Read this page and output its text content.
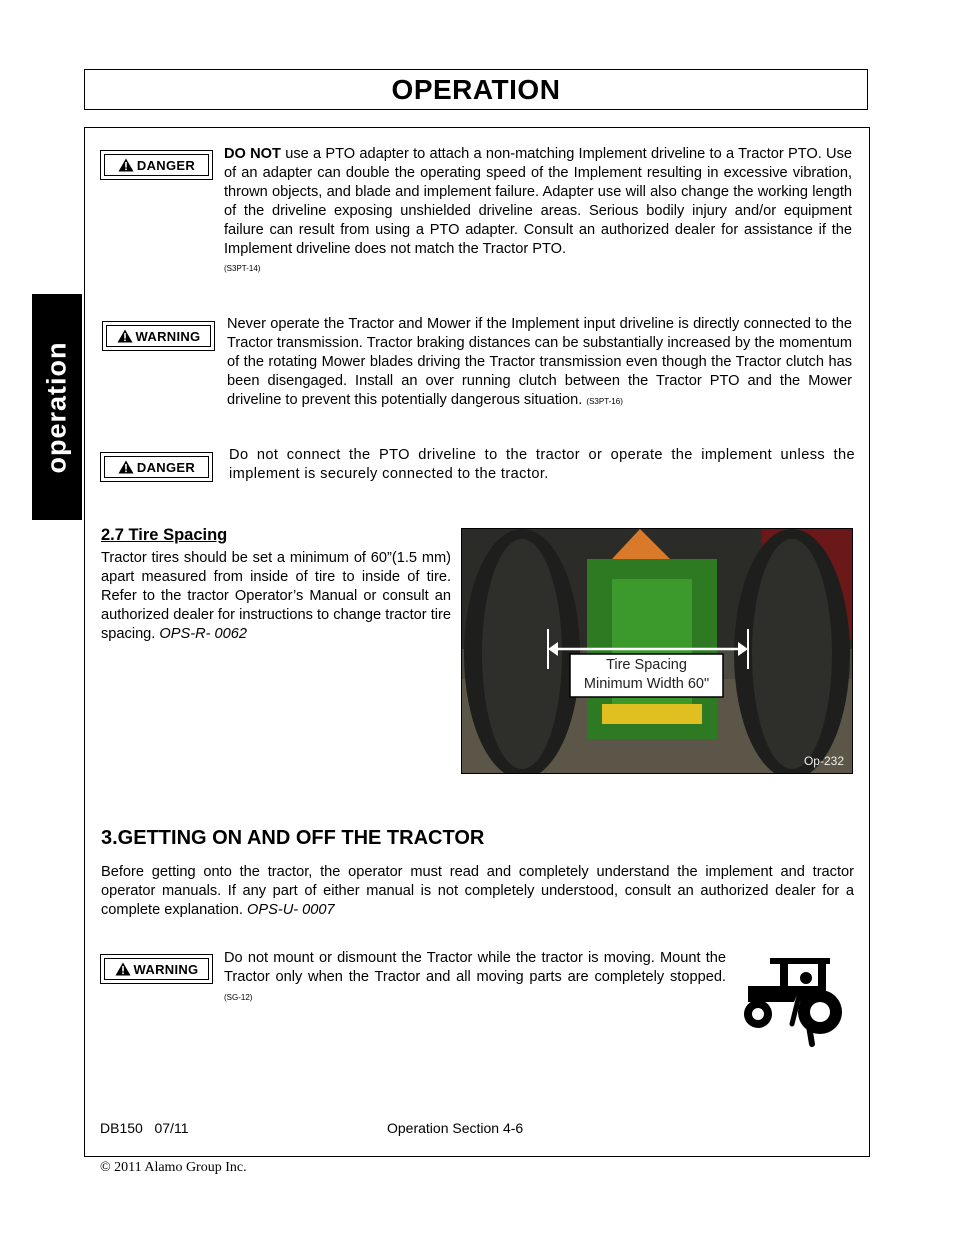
OPERATION
operation
DANGER
DO NOT use a PTO adapter to attach a non-matching Implement driveline to a Tractor PTO. Use of an adapter can double the operating speed of the Implement resulting in excessive vibration, thrown objects, and blade and implement failure. Adapter use will also change the working length of the driveline exposing unshielded driveline areas. Serious bodily injury and/or equipment failure can result from using a PTO adapter. Consult an authorized dealer for assistance if the Implement driveline does not match the Tractor PTO.
(S3PT-14)
WARNING
Never operate the Tractor and Mower if the Implement input driveline is directly connected to the Tractor transmission. Tractor braking distances can be substantially increased by the momentum of the rotating Mower blades driving the Tractor transmission even though the Tractor clutch has been disengaged. Install an over running clutch between the Tractor PTO and the Mower driveline to prevent this potentially dangerous situation. (S3PT-16)
DANGER
Do not connect the PTO driveline to the tractor or operate the implement unless the implement is securely connected to the tractor.
2.7 Tire Spacing
Tractor tires should be set a minimum of 60”(1.5 mm) apart measured from inside of tire to inside of tire. Refer to the tractor Operator’s Manual or consult an authorized dealer for instructions to change tractor tire spacing. OPS-R- 0062
Tire Spacing
Minimum Width 60"
Op-232
3.GETTING ON AND OFF THE TRACTOR
Before getting onto the tractor, the operator must read and completely understand the implement and tractor operator manuals. If any part of either manual is not completely understood, consult an authorized dealer for a complete explanation. OPS-U- 0007
WARNING
Do not mount or dismount the Tractor while the tractor is moving. Mount the Tractor only when the Tractor and all moving parts are completely stopped. (SG-12)
DB150 07/11	Operation Section 4-6
© 2011 Alamo Group Inc.
